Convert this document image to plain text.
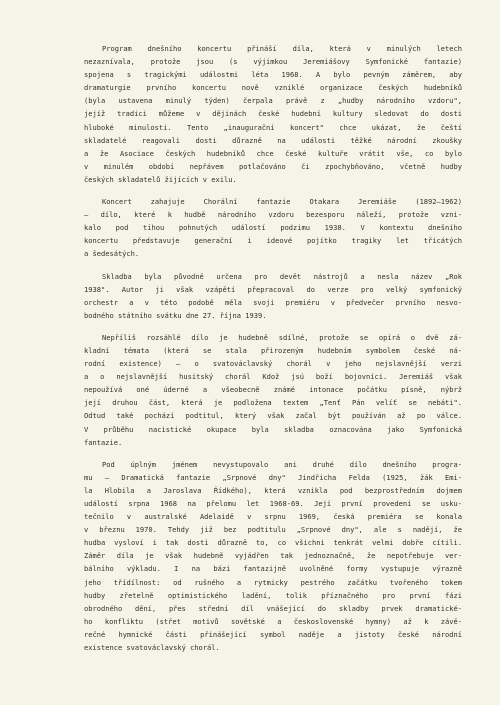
Program dnešního koncertu přináší díla, která v minulých letech
nezaznívala, protože jsou (s výjimkou Jeremiášovy Symfonické fantazie)
spojena s tragickými událostmi léta 1968. A bylo pevným záměrem, aby
dramaturgie prvního koncertu nově vzniklé organizace českých hudebníků
(byla ustavena minulý týden) čerpala právě z „hudby národního vzdoru",
jejíž tradici můžeme v dějinách české hudební kultury sledovat do dosti
hluboké minulosti. Tento „inaugurační koncert" chce ukázat, že čeští
skladatelé reagovali dosti důrazně na události těžké národní zkoušky
a že Asociace českých hudebníků chce české kultuře vrátit vše, co bylo
v minulém období nepřávem potlačováno či zpochybňováno, včetně hudby
českých skladatelů žijících v exilu.

Koncert zahajuje Chorální fantazie Otakara Jeremiáše (1892—1962)
— dílo, které k hudbě národního vzdoru bezesporu náleží, protože vzni-
kalo pod tíhou pohnutých událostí podzimu 1938. V kontextu dnešního
koncertu představuje generační i ideové pojítko tragiky let třicátých
a šedesátých.

Skladba byla původně určena pro devět nástrojů a nesla název „Rok
1938". Autor ji však vzápětí přepracoval do verze pro velký symfonický
orchestr a v této podobě měla svoji premiéru v předvečer prvního nesvo-
bodného státního svátku dne 27. října 1939.

Nepříliš rozsáhlé dílo je hudebně sdílné, protože se opírá o dvě zá-
kladní témata (která se stala přirozeným hudebním symbolem české ná-
rodní existence) — o svatováclavský chorál v jeho nejslavnější verzi
a o nejslavnější husitský chorál Kdož jsú boží bojovníci. Jeremiáš však
nepoužívá oné úderné a všeobecně známé intonace počátku písně, nýbrž
její druhou část, která je podložena textem „Tenť Pán velíť se nebáti".
Odtud také pochází podtitul, který však začal být používán až po válce.
V průběhu nacistické okupace byla skladba oznacována jako Symfonická
fantazie.

Pod úplným jménem nevystupovalo ani druhé dílo dnešního progra-
mu — Dramatická fantazie „Srpnové dny" Jindřicha Felda (1925, žák Emi-
la Hlobila a Jaroslava Řídkého), která vznikla pod bezprostředním dojmem
událostí srpna 1968 na přelomu let 1968-69. Její první provedení se usku-
tečnilo v australské Adelaidě v srpnu 1969, česká premiéra se konala
v březnu 1970. Tehdy již bez podtitulu „Srpnové dny", ale s nadějí, že
hudba vysloví i tak dosti důrazně to, co všichni tenkrát velmi dobře cítili.
Záměr díla je však hudebně vyjádřen tak jednoznačně, že nepotřebuje ver-
bálního výkladu. I na bázi fantazijně uvolněné formy vystupuje výrazně
jeho třídílnost: od rušného a rytmicky pestrého začátku tvořeného tokem
hudby zřetelně optimistického ladění, tolik příznačného pro první fázi
obrodného dění, přes střední díl vnášející do skladby prvek dramatické-
ho konfliktu (střet motivů sovětské a československé hymny) až k závě-
rečné hymnické části přinášející symbol naděje a jistoty české národní
existence svatováclavský chorál.
